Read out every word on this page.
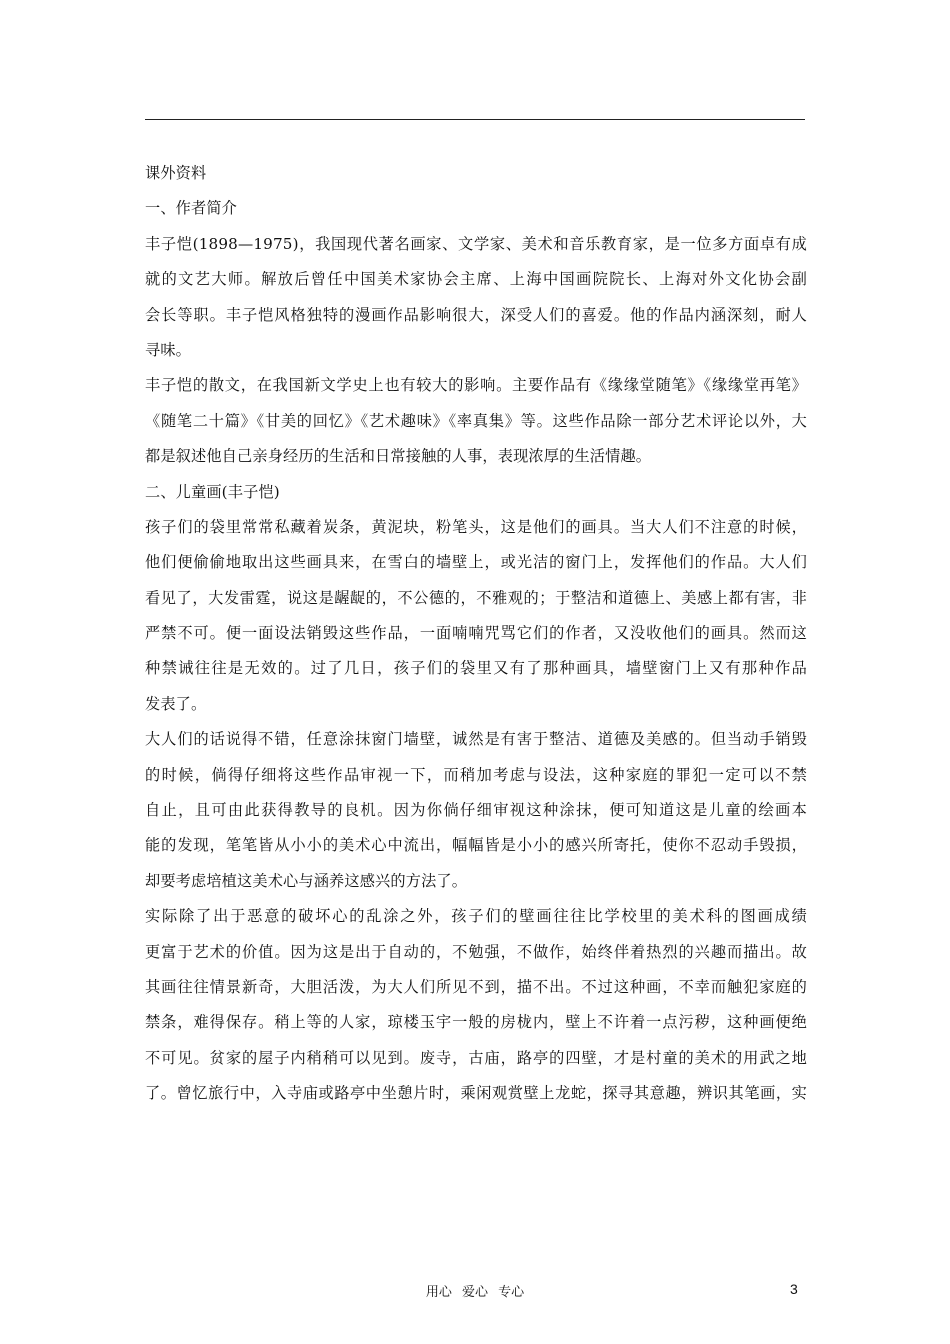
课外资料
一、作者简介
丰子恺(1898—1975)，我国现代著名画家、文学家、美术和音乐教育家，是一位多方面卓有成
就的文艺大师。解放后曾任中国美术家协会主席、上海中国画院院长、上海对外文化协会副
会长等职。丰子恺风格独特的漫画作品影响很大，深受人们的喜爱。他的作品内涵深刻，耐人
寻味。
丰子恺的散文，在我国新文学史上也有较大的影响。主要作品有《缘缘堂随笔》《缘缘堂再笔》
《随笔二十篇》《甘美的回忆》《艺术趣味》《率真集》等。这些作品除一部分艺术评论以外，大
都是叙述他自己亲身经历的生活和日常接触的人事，表现浓厚的生活情趣。
二、儿童画(丰子恺)
孩子们的袋里常常私藏着炭条，黄泥块，粉笔头，这是他们的画具。当大人们不注意的时候，
他们便偷偷地取出这些画具来，在雪白的墙壁上，或光洁的窗门上，发挥他们的作品。大人们
看见了，大发雷霆，说这是龌龊的，不公德的，不雅观的；于整洁和道德上、美感上都有害，非
严禁不可。便一面设法销毁这些作品，一面喃喃咒骂它们的作者，又没收他们的画具。然而这
种禁诫往往是无效的。过了几日，孩子们的袋里又有了那种画具，墙壁窗门上又有那种作品
发表了。
大人们的话说得不错，任意涂抹窗门墙壁，诚然是有害于整洁、道德及美感的。但当动手销毁
的时候，倘得仔细将这些作品审视一下，而稍加考虑与设法，这种家庭的罪犯一定可以不禁
自止，且可由此获得教导的良机。因为你倘仔细审视这种涂抹，便可知道这是儿童的绘画本
能的发现，笔笔皆从小小的美术心中流出，幅幅皆是小小的感兴所寄托，使你不忍动手毁损，
却要考虑培植这美术心与涵养这感兴的方法了。
实际除了出于恶意的破坏心的乱涂之外，孩子们的壁画往往比学校里的美术科的图画成绩
更富于艺术的价值。因为这是出于自动的，不勉强，不做作，始终伴着热烈的兴趣而描出。故
其画往往情景新奇，大胆活泼，为大人们所见不到，描不出。不过这种画，不幸而触犯家庭的
禁条，难得保存。稍上等的人家，琼楼玉宇一般的房栊内，壁上不许着一点污秽，这种画便绝
不可见。贫家的屋子内稍稍可以见到。废寺，古庙，路亭的四壁，才是村童的美术的用武之地
了。曾忆旅行中，入寺庙或路亭中坐憩片时，乘闲观赏壁上龙蛇，探寻其意趣，辨识其笔画，实
用心 爱心 专心	3
